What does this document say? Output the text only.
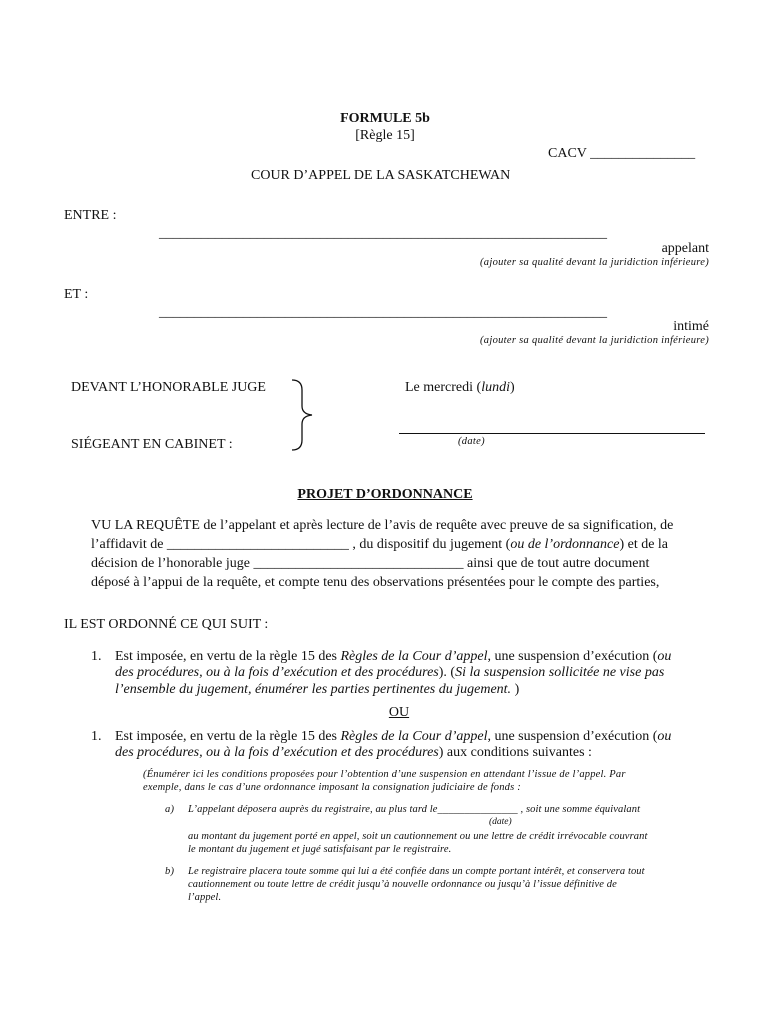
FORMULE 5b
[Règle 15]
CACV _______________
COUR D’APPEL DE LA SASKATCHEWAN
ENTRE :
________________________________________________________________
appelant
(ajouter sa qualité devant la juridiction inférieure)
ET :
________________________________________________________________
intimé
(ajouter sa qualité devant la juridiction inférieure)
DEVANT L’HONORABLE JUGE
SIÉGEANT EN CABINET :
Le mercredi (lundi)
(date)
PROJET D’ORDONNANCE
VU LA REQUÊTE de l’appelant et après lecture de l’avis de requête avec preuve de sa signification, de
l’affidavit de __________________________ , du dispositif du jugement (ou de l’ordonnance) et de la
décision de l’honorable juge ______________________________ ainsi que de tout autre document
déposé à l’appui de la requête, et compte tenu des observations présentées pour le compte des parties,
IL EST ORDONNÉ CE QUI SUIT :
1. Est imposée, en vertu de la règle 15 des Règles de la Cour d’appel, une suspension d’exécution (ou
des procédures, ou à la fois d’exécution et des procédures). (Si la suspension sollicitée ne vise pas
l’ensemble du jugement, énumérer les parties pertinentes du jugement. )
OU
1. Est imposée, en vertu de la règle 15 des Règles de la Cour d’appel, une suspension d’exécution (ou
des procédures, ou à la fois d’exécution et des procédures) aux conditions suivantes :
(Énumérer ici les conditions proposées pour l’obtention d’une suspension en attendant l’issue de l’appel. Par
exemple, dans le cas d’une ordonnance imposant la consignation judiciaire de fonds :
a) L’appelant déposera auprès du registraire, au plus tard le_______________ , soit une somme équivalant
(date)
au montant du jugement porté en appel, soit un cautionnement ou une lettre de crédit irrévocable couvrant
le montant du jugement et jugé satisfaisant par le registraire.
b) Le registraire placera toute somme qui lui a été confiée dans un compte portant intérêt, et conservera tout
cautionnement ou toute lettre de crédit jusqu’à nouvelle ordonnance ou jusqu’à l’issue définitive de
l’appel.
